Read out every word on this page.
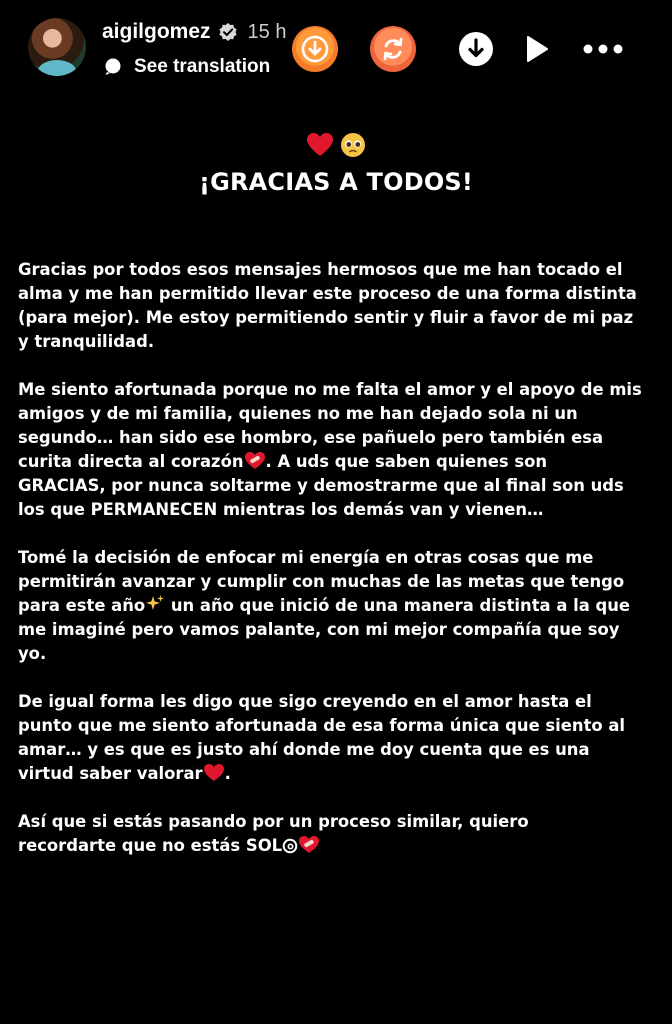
aigilgomez 15 h
See translation

¡GRACIAS A TODOS!

Gracias por todos esos mensajes hermosos que me han tocado el
alma y me han permitido llevar este proceso de una forma distinta
(para mejor). Me estoy permitiendo sentir y fluir a favor de mi paz
y tranquilidad.

Me siento afortunada porque no me falta el amor y el apoyo de mis
amigos y de mi familia, quienes no me han dejado sola ni un
segundo… han sido ese hombro, ese pañuelo pero también esa
curita directa al corazón . A uds que saben quienes son
GRACIAS, por nunca soltarme y demostrarme que al final son uds
los que PERMANECEN mientras los demás van y vienen…

Tomé la decisión de enfocar mi energía en otras cosas que me
permitirán avanzar y cumplir con muchas de las metas que tengo
para este año un año que inició de una manera distinta a la que
me imaginé pero vamos palante, con mi mejor compañía que soy
yo.

De igual forma les digo que sigo creyendo en el amor hasta el
punto que me siento afortunada de esa forma única que siento al
amar… y es que es justo ahí donde me doy cuenta que es una
virtud saber valorar .

Así que si estás pasando por un proceso similar, quiero
recordarte que no estás SOL
